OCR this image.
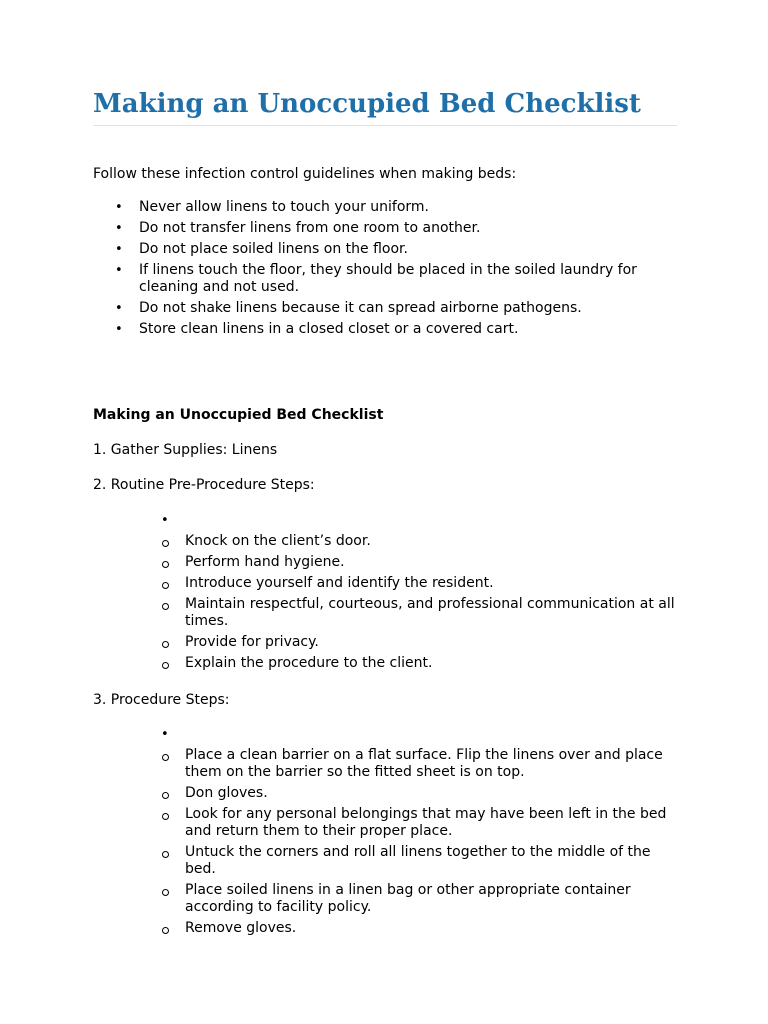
Making an Unoccupied Bed Checklist

Follow these infection control guidelines when making beds:

• Never allow linens to touch your uniform.
• Do not transfer linens from one room to another.
• Do not place soiled linens on the floor.
• If linens touch the floor, they should be placed in the soiled laundry for cleaning and not used.
• Do not shake linens because it can spread airborne pathogens.
• Store clean linens in a closed closet or a covered cart.

Making an Unoccupied Bed Checklist

1. Gather Supplies: Linens

2. Routine Pre-Procedure Steps:

•
Knock on the client’s door.
Perform hand hygiene.
Introduce yourself and identify the resident.
Maintain respectful, courteous, and professional communication at all times.
Provide for privacy.
Explain the procedure to the client.

3. Procedure Steps:

•
Place a clean barrier on a flat surface. Flip the linens over and place them on the barrier so the fitted sheet is on top.
Don gloves.
Look for any personal belongings that may have been left in the bed and return them to their proper place.
Untuck the corners and roll all linens together to the middle of the bed.
Place soiled linens in a linen bag or other appropriate container according to facility policy.
Remove gloves.
